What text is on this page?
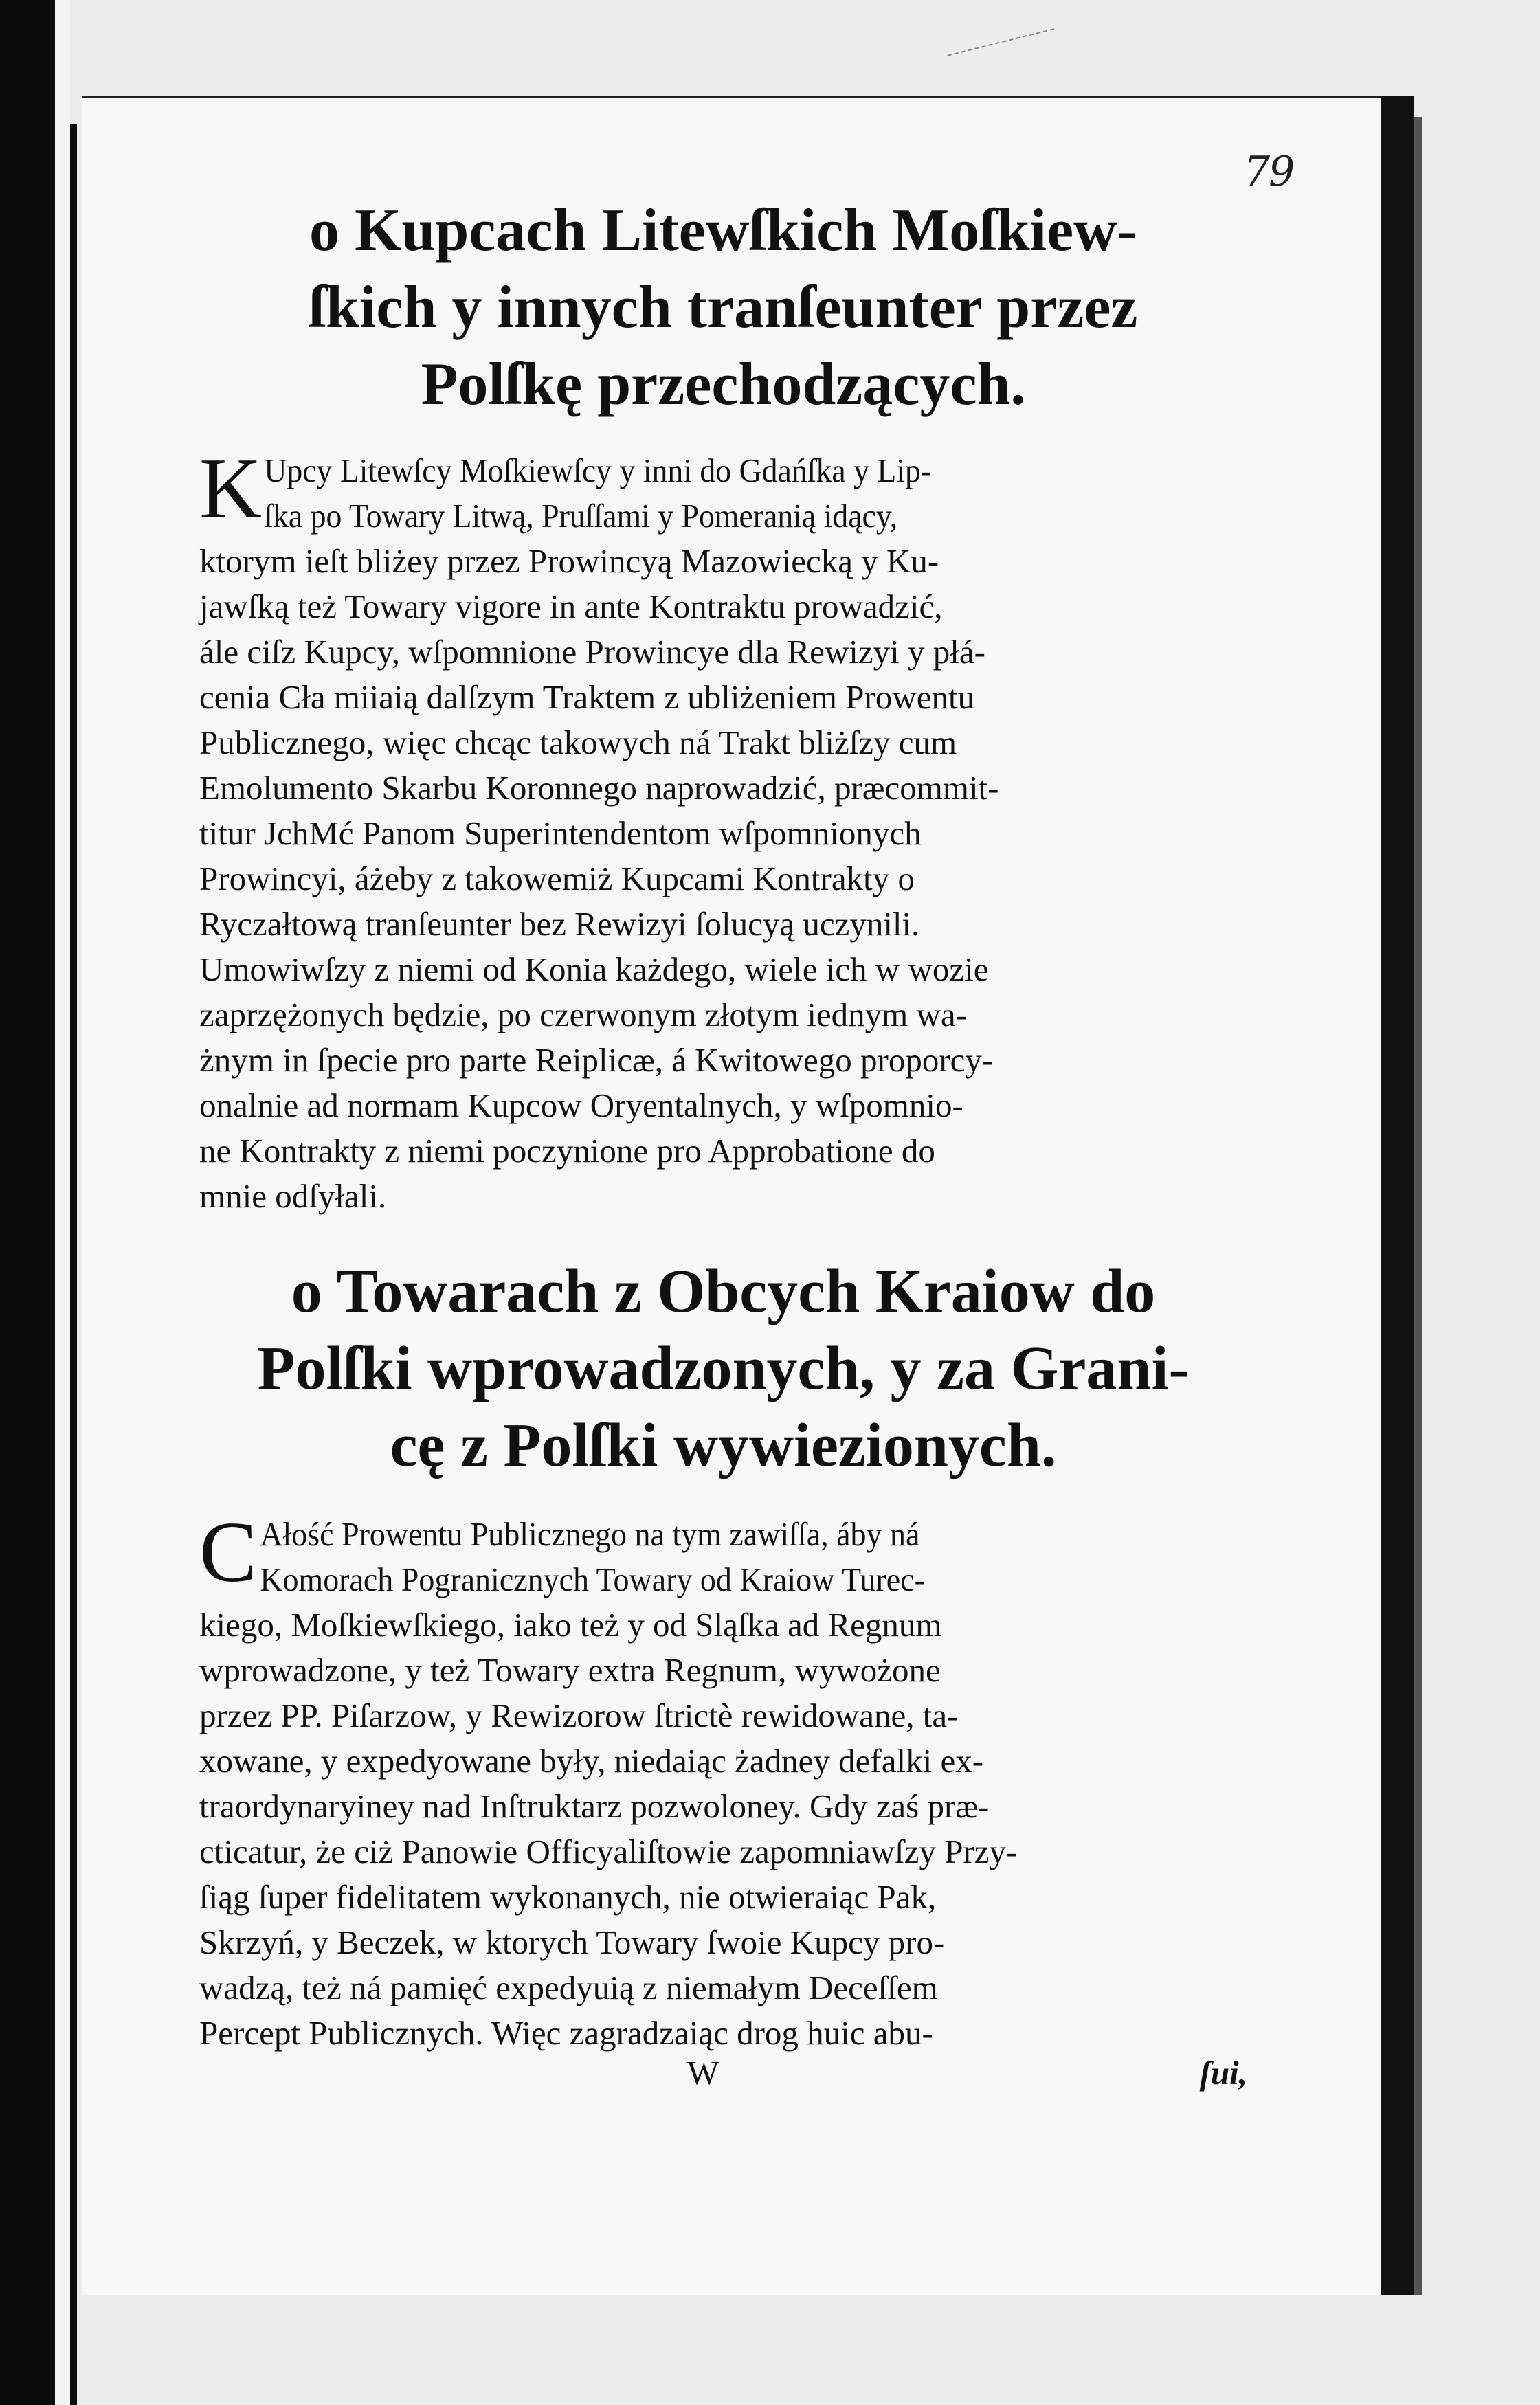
79
o Kupcach Litewſkich Moſkiew-
ſkich y innych tranſeunter przez
Polſkę przechodzących.
K Upcy Litewſcy Moſkiewſcy y inni do Gdańſka y Lip-
ſka po Towary Litwą, Pruſſami y Pomeranią idący,
ktorym ieſt bliżey przez Prowincyą Mazowiecką y Ku-
jawſką też Towary vigore in ante Kontraktu prowadzić,
ále ciſz Kupcy, wſpomnione Prowincye dla Rewizyi y płá-
cenia Cła miiaią dalſzym Traktem z ubliżeniem Prowentu
Publicznego, więc chcąc takowych ná Trakt bliżſzy cum
Emolumento Skarbu Koronnego naprowadzić, præcommit-
titur JchMć Panom Superintendentom wſpomnionych
Prowincyi, áżeby z takowemiż Kupcami Kontrakty o
Ryczałtową tranſeunter bez Rewizyi ſolucyą uczynili.
Umowiwſzy z niemi od Konia każdego, wiele ich w wozie
zaprzężonych będzie, po czerwonym złotym iednym wa-
żnym in ſpecie pro parte Reiplicæ, á Kwitowego proporcy-
onalnie ad normam Kupcow Oryentalnych, y wſpomnio-
ne Kontrakty z niemi poczynione pro Approbatione do
mnie odſyłali.
o Towarach z Obcych Kraiow do
Polſki wprowadzonych, y za Grani-
cę z Polſki wywiezionych.
C Ałość Prowentu Publicznego na tym zawiſſa, áby ná
Komorach Pogranicznych Towary od Kraiow Turec-
kiego, Moſkiewſkiego, iako też y od Sląſka ad Regnum
wprowadzone, y też Towary extra Regnum, wywożone
przez PP. Piſarzow, y Rewizorow ſtrictè rewidowane, ta-
xowane, y expedyowane były, niedaiąc żadney defalki ex-
traordynaryiney nad Inſtruktarz pozwoloney. Gdy zaś præ-
cticatur, że ciż Panowie Officyaliſtowie zapomniawſzy Przy-
ſiąg ſuper fidelitatem wykonanych, nie otwieraiąc Pak,
Skrzyń, y Beczek, w ktorych Towary ſwoie Kupcy pro-
wadzą, też ná pamięć expedyuią z niemałym Deceſſem
Percept Publicznych. Więc zagradzaiąc drog huic abu-
W	ſui,
